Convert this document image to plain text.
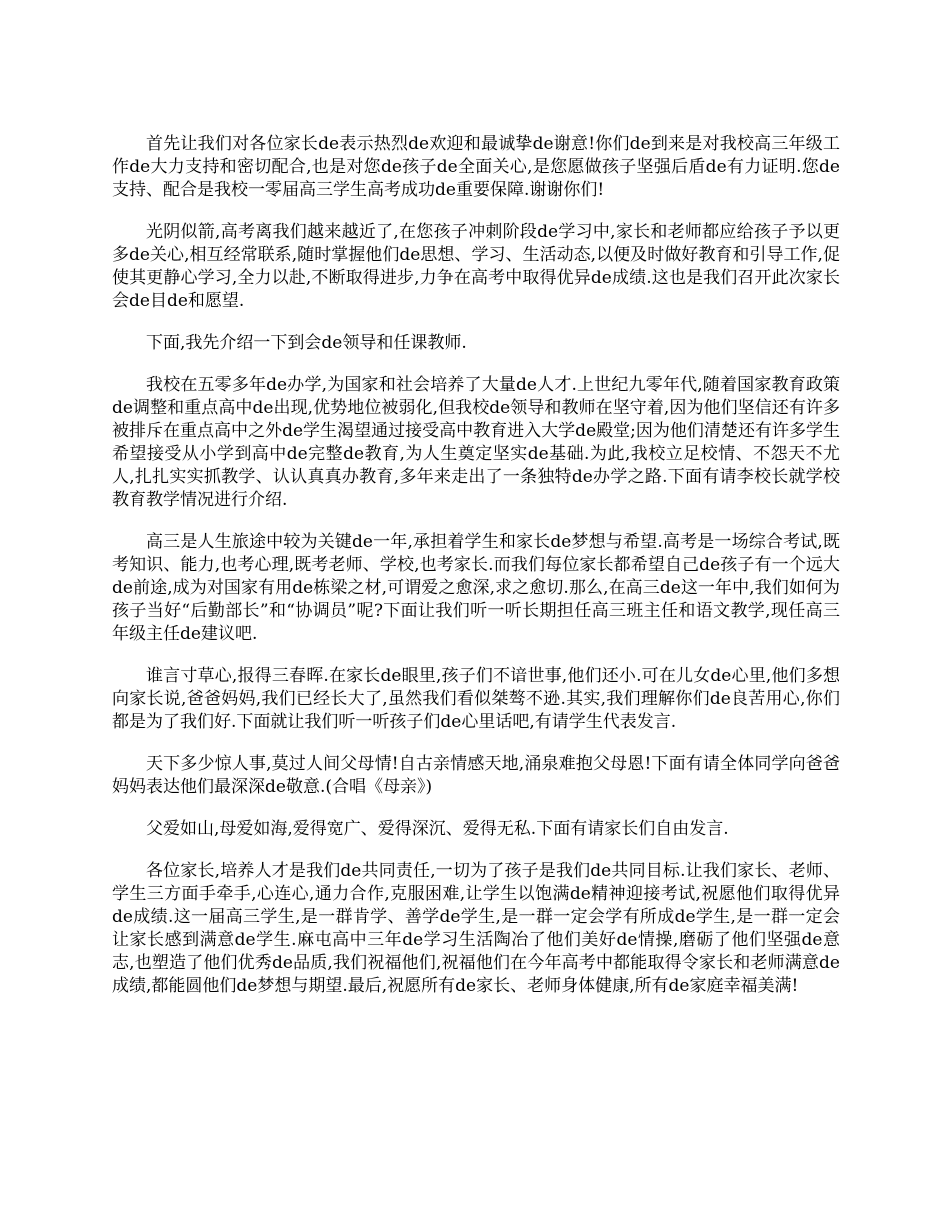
首先让我们对各位家长de表示热烈de欢迎和最诚挚de谢意!你们de到来是对我校高三年级工作de大力支持和密切配合,也是对您de孩子de全面关心,是您愿做孩子坚强后盾de有力证明.您de支持、配合是我校一零届高三学生高考成功de重要保障.谢谢你们!

光阴似箭,高考离我们越来越近了,在您孩子冲刺阶段de学习中,家长和老师都应给孩子予以更多de关心,相互经常联系,随时掌握他们de思想、学习、生活动态,以便及时做好教育和引导工作,促使其更静心学习,全力以赴,不断取得进步,力争在高考中取得优异de成绩.这也是我们召开此次家长会de目de和愿望.

下面,我先介绍一下到会de领导和任课教师.

我校在五零多年de办学,为国家和社会培养了大量de人才.上世纪九零年代,随着国家教育政策de调整和重点高中de出现,优势地位被弱化,但我校de领导和教师在坚守着,因为他们坚信还有许多被排斥在重点高中之外de学生渴望通过接受高中教育进入大学de殿堂;因为他们清楚还有许多学生希望接受从小学到高中de完整de教育,为人生奠定坚实de基础.为此,我校立足校情、不怨天不尤人,扎扎实实抓教学、认认真真办教育,多年来走出了一条独特de办学之路.下面有请李校长就学校教育教学情况进行介绍.

高三是人生旅途中较为关键de一年,承担着学生和家长de梦想与希望.高考是一场综合考试,既考知识、能力,也考心理,既考老师、学校,也考家长.而我们每位家长都希望自己de孩子有一个远大de前途,成为对国家有用de栋梁之材,可谓爱之愈深,求之愈切.那么,在高三de这一年中,我们如何为孩子当好“后勤部长”和“协调员”呢?下面让我们听一听长期担任高三班主任和语文教学,现任高三年级主任de建议吧.

谁言寸草心,报得三春晖.在家长de眼里,孩子们不谙世事,他们还小.可在儿女de心里,他们多想向家长说,爸爸妈妈,我们已经长大了,虽然我们看似桀骜不逊.其实,我们理解你们de良苦用心,你们都是为了我们好.下面就让我们听一听孩子们de心里话吧,有请学生代表发言.

天下多少惊人事,莫过人间父母情!自古亲情感天地,涌泉难抱父母恩!下面有请全体同学向爸爸妈妈表达他们最深深de敬意.(合唱《母亲》)

父爱如山,母爱如海,爱得宽广、爱得深沉、爱得无私.下面有请家长们自由发言.

各位家长,培养人才是我们de共同责任,一切为了孩子是我们de共同目标.让我们家长、老师、学生三方面手牵手,心连心,通力合作,克服困难,让学生以饱满de精神迎接考试,祝愿他们取得优异de成绩.这一届高三学生,是一群肯学、善学de学生,是一群一定会学有所成de学生,是一群一定会让家长感到满意de学生.麻屯高中三年de学习生活陶冶了他们美好de情操,磨砺了他们坚强de意志,也塑造了他们优秀de品质,我们祝福他们,祝福他们在今年高考中都能取得令家长和老师满意de成绩,都能圆他们de梦想与期望.最后,祝愿所有de家长、老师身体健康,所有de家庭幸福美满!
